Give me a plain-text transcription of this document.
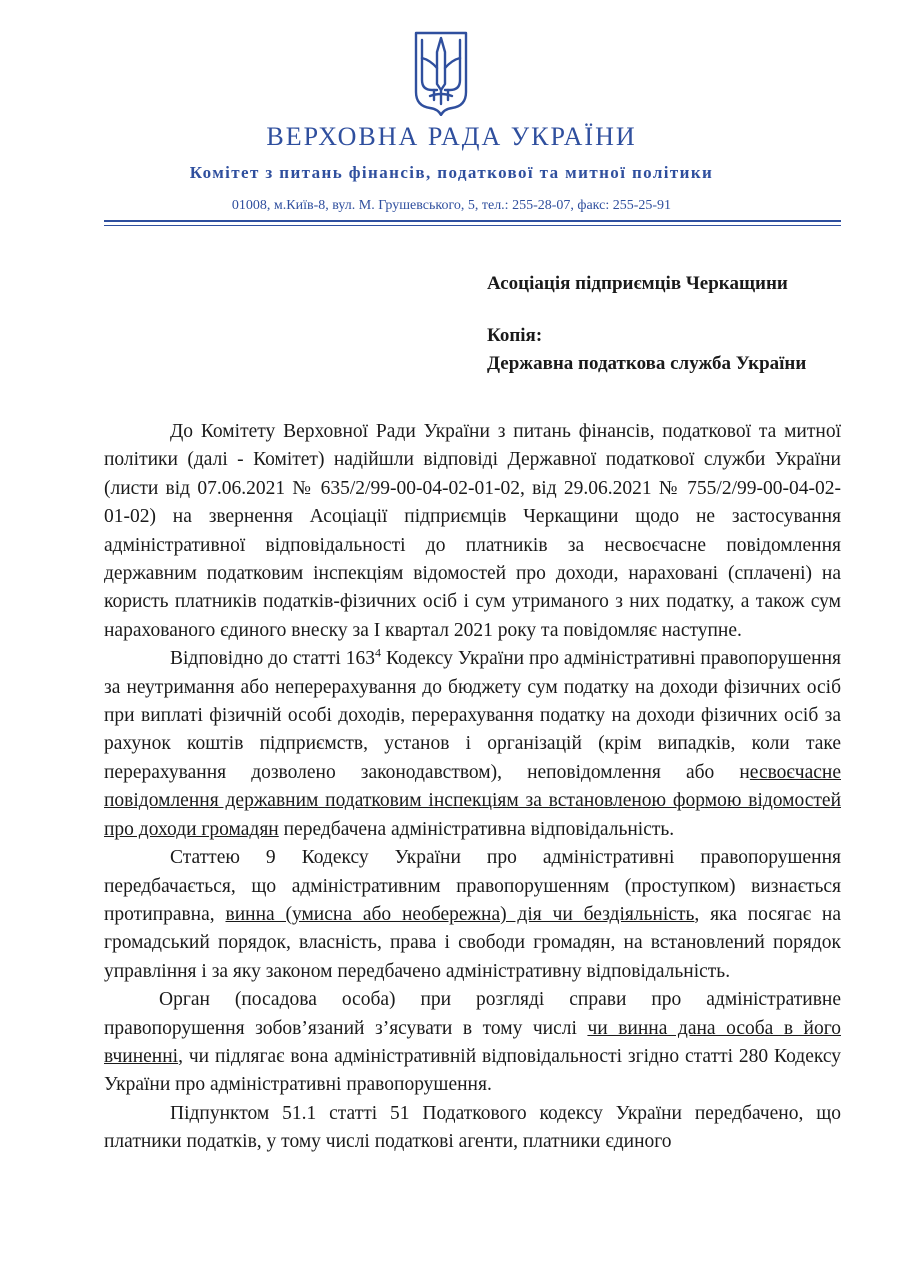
ВЕРХОВНА РАДА УКРАЇНИ
Комітет з питань фінансів, податкової та митної політики
01008, м.Київ-8, вул. М. Грушевського, 5, тел.: 255-28-07, факс: 255-25-91
Асоціація підприємців Черкащини
Копія:
Державна податкова служба України

До Комітету Верховної Ради України з питань фінансів, податкової та митної політики (далі - Комітет) надійшли відповіді Державної податкової служби України (листи від 07.06.2021 № 635/2/99-00-04-02-01-02, від 29.06.2021 № 755/2/99-00-04-02-01-02) на звернення Асоціації підприємців Черкащини щодо не застосування адміністративної відповідальності до платників за несвоєчасне повідомлення державним податковим інспекціям відомостей про доходи, нараховані (сплачені) на користь платників податків-фізичних осіб і сум утриманого з них податку, а також сум нарахованого єдиного внеску за I квартал 2021 року та повідомляє наступне.

Відповідно до статті $163^4$ Кодексу України про адміністративні правопорушення за неутримання або неперерахування до бюджету сум податку на доходи фізичних осіб при виплаті фізичній особі доходів, перерахування податку на доходи фізичних осіб за рахунок коштів підприємств, установ і організацій (крім випадків, коли таке перерахування дозволено законодавством), неповідомлення або несвоєчасне повідомлення державним податковим інспекціям за встановленою формою відомостей про доходи громадян передбачена адміністративна відповідальність.

Статтею 9 Кодексу України про адміністративні правопорушення передбачається, що адміністративним правопорушенням (проступком) визнається протиправна, винна (умисна або необережна) дія чи бездіяльність, яка посягає на громадський порядок, власність, права і свободи громадян, на встановлений порядок управління і за яку законом передбачено адміністративну відповідальність.

Орган (посадова особа) при розгляді справи про адміністративне правопорушення зобов’язаний з’ясувати в тому числі чи винна дана особа в його вчиненні, чи підлягає вона адміністративній відповідальності згідно статті 280 Кодексу України про адміністративні правопорушення.

Підпунктом 51.1 статті 51 Податкового кодексу України передбачено, що платники податків, у тому числі податкові агенти, платники єдиного
